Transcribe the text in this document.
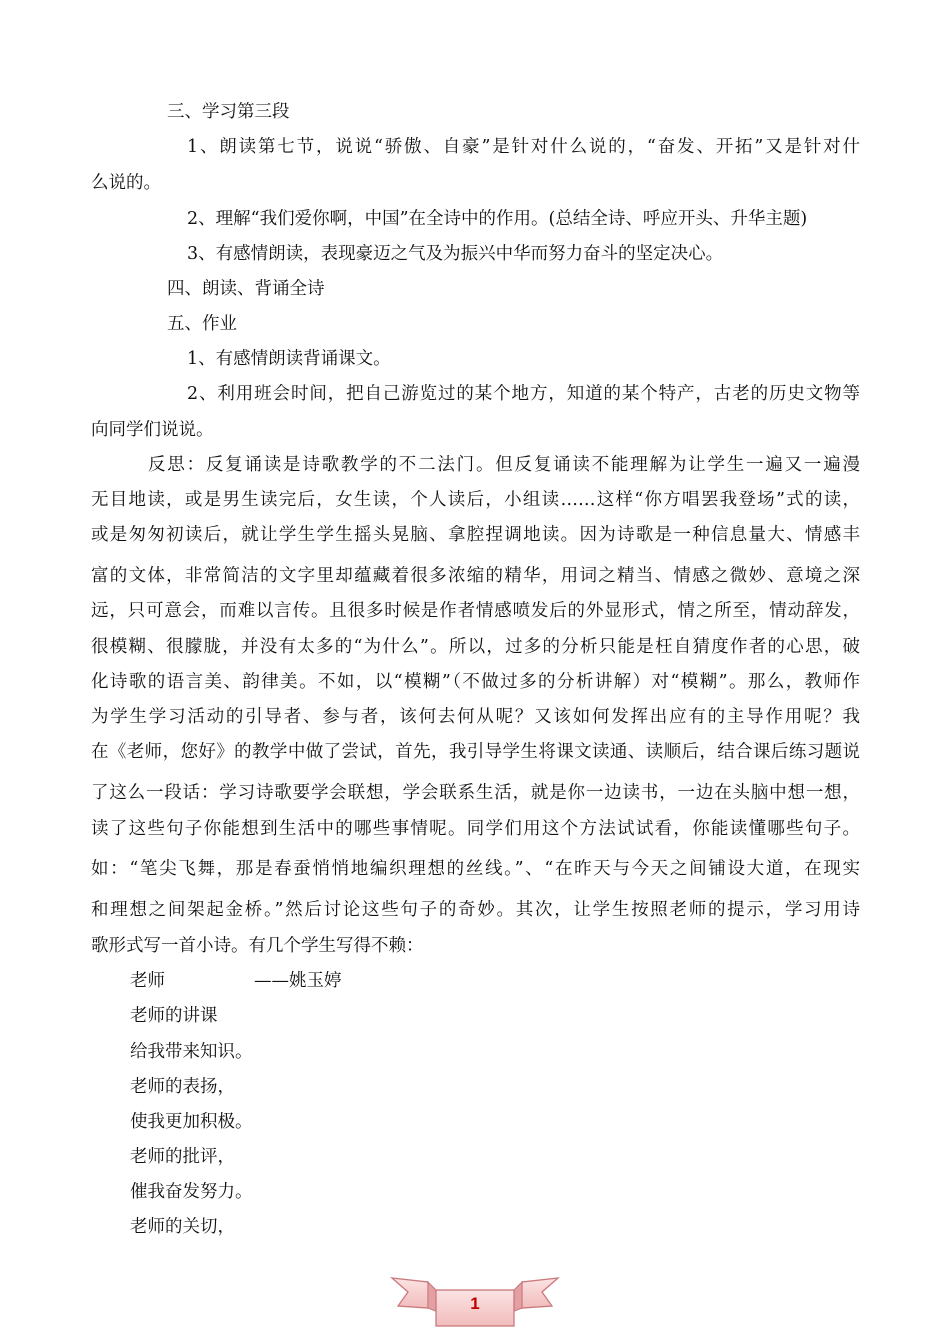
三、学习第三段
1、朗读第七节，说说“骄傲、自豪”是针对什么说的，“奋发、开拓”又是针对什
么说的。
2、理解“我们爱你啊，中国”在全诗中的作用。(总结全诗、呼应开头、升华主题)
3、有感情朗读，表现豪迈之气及为振兴中华而努力奋斗的坚定决心。
四、朗读、背诵全诗
五、作业
1、有感情朗读背诵课文。
2、利用班会时间，把自己游览过的某个地方，知道的某个特产，古老的历史文物等
向同学们说说。
反思：反复诵读是诗歌教学的不二法门。但反复诵读不能理解为让学生一遍又一遍漫
无目地读，或是男生读完后，女生读，个人读后，小组读……这样“你方唱罢我登场”式的读，
或是匆匆初读后，就让学生学生摇头晃脑、拿腔捏调地读。因为诗歌是一种信息量大、情感丰
富的文体，非常简洁的文字里却蕴藏着很多浓缩的精华，用词之精当、情感之微妙、意境之深
远，只可意会，而难以言传。且很多时候是作者情感喷发后的外显形式，情之所至，情动辞发，
很模糊、很朦胧，并没有太多的“为什么”。所以，过多的分析只能是枉自猜度作者的心思，破
化诗歌的语言美、韵律美。不如，以“模糊”（不做过多的分析讲解）对“模糊”。那么，教师作
为学生学习活动的引导者、参与者，该何去何从呢？又该如何发挥出应有的主导作用呢？我
在《老师，您好》的教学中做了尝试，首先，我引导学生将课文读通、读顺后，结合课后练习题说
了这么一段话：学习诗歌要学会联想，学会联系生活，就是你一边读书，一边在头脑中想一想，
读了这些句子你能想到生活中的哪些事情呢。同学们用这个方法试试看，你能读懂哪些句子。
如：“笔尖飞舞，那是春蚕悄悄地编织理想的丝线。”、“在昨天与今天之间铺设大道，在现实
和理想之间架起金桥。”然后讨论这些句子的奇妙。其次，让学生按照老师的提示，学习用诗
歌形式写一首小诗。有几个学生写得不赖：
老师	——姚玉婷
老师的讲课
给我带来知识。
老师的表扬，
使我更加积极。
老师的批评，
催我奋发努力。
老师的关切，
1
